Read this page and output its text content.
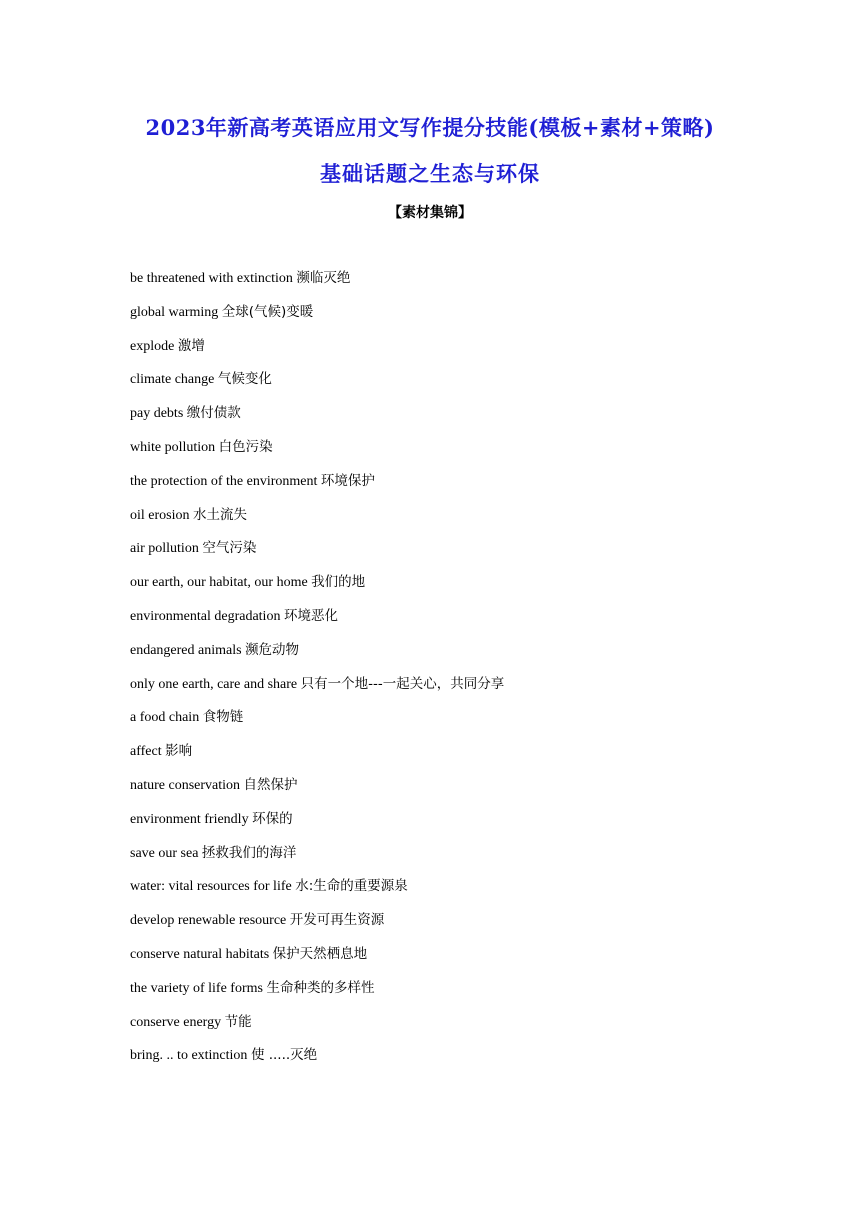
2023年新高考英语应用文写作提分技能(模板+素材+策略)
基础话题之生态与环保
【素材集锦】
be threatened with extinction 濒临灭绝
global warming 全球(气候)变暖
explode 激增
climate change 气候变化
pay debts 缴付债款
white pollution 白色污染
the protection of the environment 环境保护
oil erosion 水土流失
air pollution 空气污染
our earth, our habitat, our home 我们的地
environmental degradation 环境恶化
endangered animals 濒危动物
only one earth, care and share 只有一个地---一起关心，共同分享
a food chain 食物链
affect 影响
nature conservation 自然保护
environment friendly 环保的
save our sea 拯救我们的海洋
water: vital resources for life 水:生命的重要源泉
develop renewable resource 开发可再生资源
conserve natural habitats 保护天然栖息地
the variety of life forms 生命种类的多样性
conserve energy 节能
bring. .. to extinction 使 .....灭绝
